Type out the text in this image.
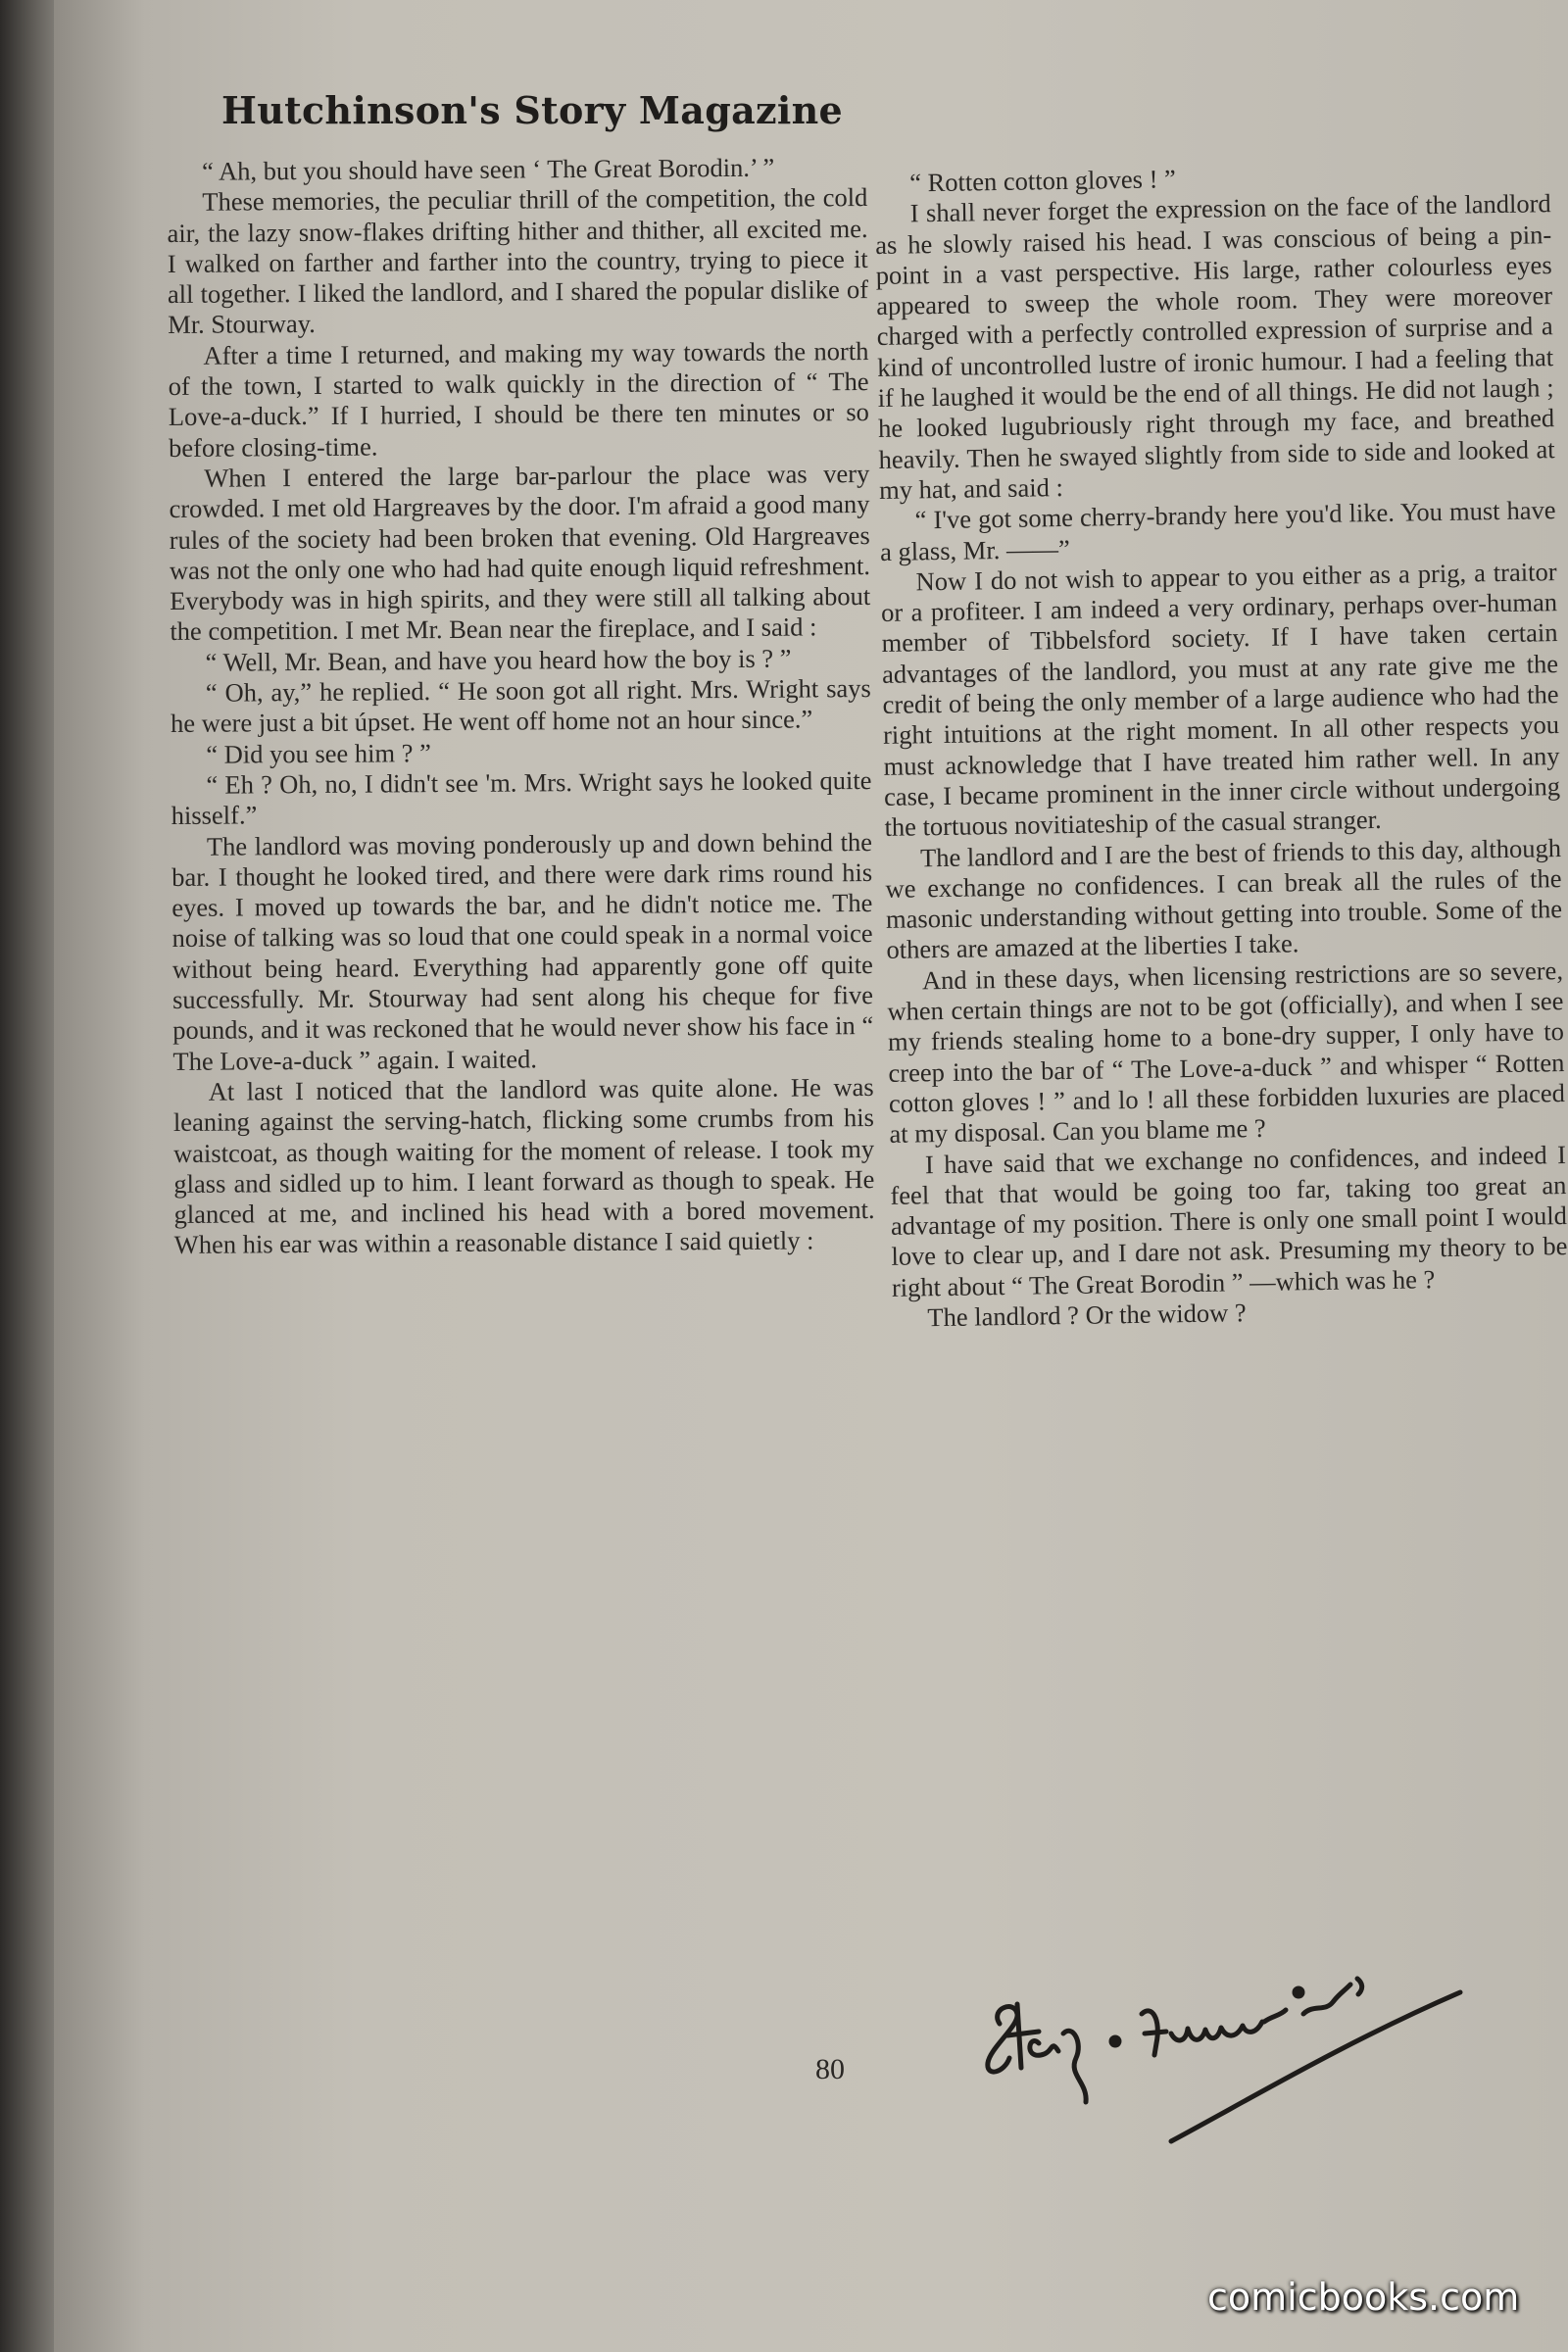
Hutchinson's Story Magazine

“ Ah, but you should have seen ‘ The Great Borodin.’ ”

These memories, the peculiar thrill of the competition, the cold air, the lazy snow-flakes drifting hither and thither, all excited me. I walked on farther and farther into the country, trying to piece it all together. I liked the landlord, and I shared the popular dislike of Mr. Stourway.

After a time I returned, and making my way towards the north of the town, I started to walk quickly in the direction of “ The Love-a-duck.” If I hurried, I should be there ten minutes or so before closing-time.

When I entered the large bar-parlour the place was very crowded. I met old Hargreaves by the door. I'm afraid a good many rules of the society had been broken that evening. Old Hargreaves was not the only one who had had quite enough liquid refreshment. Everybody was in high spirits, and they were still all talking about the competition. I met Mr. Bean near the fireplace, and I said :

“ Well, Mr. Bean, and have you heard how the boy is ? ”

“ Oh, ay,” he replied. “ He soon got all right. Mrs. Wright says he were just a bit úpset. He went off home not an hour since.”

“ Did you see him ? ”

“ Eh ? Oh, no, I didn't see 'm. Mrs. Wright says he looked quite hisself.”

The landlord was moving ponderously up and down behind the bar. I thought he looked tired, and there were dark rims round his eyes. I moved up towards the bar, and he didn't notice me. The noise of talking was so loud that one could speak in a normal voice without being heard. Everything had apparently gone off quite successfully. Mr. Stourway had sent along his cheque for five pounds, and it was reckoned that he would never show his face in “ The Love-a-duck ” again. I waited.

At last I noticed that the landlord was quite alone. He was leaning against the serving-hatch, flicking some crumbs from his waistcoat, as though waiting for the moment of release. I took my glass and sidled up to him. I leant forward as though to speak. He glanced at me, and inclined his head with a bored movement. When his ear was within a reasonable distance I said quietly :

“ Rotten cotton gloves ! ”

I shall never forget the expression on the face of the landlord as he slowly raised his head. I was conscious of being a pin-point in a vast perspective. His large, rather colourless eyes appeared to sweep the whole room. They were moreover charged with a perfectly controlled expression of surprise and a kind of uncontrolled lustre of ironic humour. I had a feeling that if he laughed it would be the end of all things. He did not laugh ; he looked lugubriously right through my face, and breathed heavily. Then he swayed slightly from side to side and looked at my hat, and said :

“ I've got some cherry-brandy here you'd like. You must have a glass, Mr. ——”

Now I do not wish to appear to you either as a prig, a traitor or a profiteer. I am indeed a very ordinary, perhaps over-human member of Tibbelsford society. If I have taken certain advantages of the landlord, you must at any rate give me the credit of being the only member of a large audience who had the right intuitions at the right moment. In all other respects you must acknowledge that I have treated him rather well. In any case, I became prominent in the inner circle without undergoing the tortuous novitiateship of the casual stranger.

The landlord and I are the best of friends to this day, although we exchange no confidences. I can break all the rules of the masonic understanding without getting into trouble. Some of the others are amazed at the liberties I take.

And in these days, when licensing restrictions are so severe, when certain things are not to be got (officially), and when I see my friends stealing home to a bone-dry supper, I only have to creep into the bar of “ The Love-a-duck ” and whisper “ Rotten cotton gloves ! ” and lo ! all these forbidden luxuries are placed at my disposal. Can you blame me ?

I have said that we exchange no confidences, and indeed I feel that that would be going too far, taking too great an advantage of my position. There is only one small point I would love to clear up, and I dare not ask. Presuming my theory to be right about “ The Great Borodin ” —which was he ?

The landlord ? Or the widow ?

80
comicbooks.com
